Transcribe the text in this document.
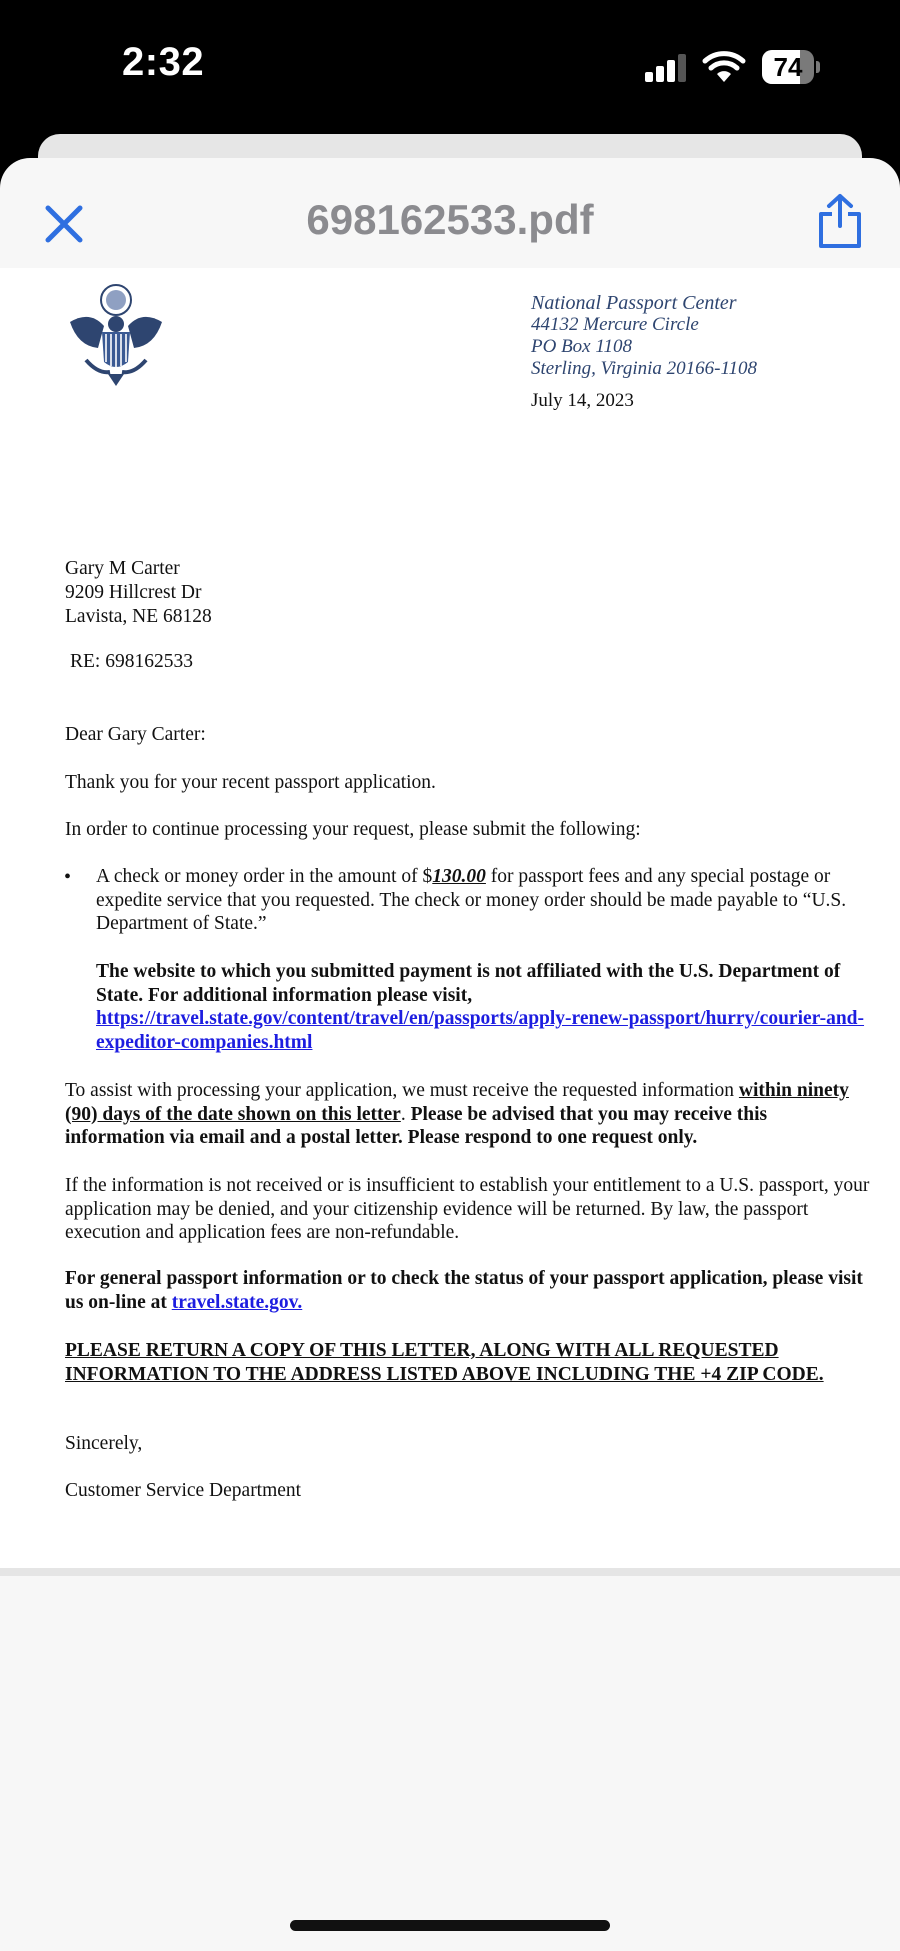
2:32	74
698162533.pdf
National Passport Center
44132 Mercure Circle
PO Box 1108
Sterling, Virginia 20166-1108
July 14, 2023
Gary M Carter
9209 Hillcrest Dr
Lavista, NE 68128
RE: 698162533
Dear Gary Carter:
Thank you for your recent passport application.
In order to continue processing your request, please submit the following:
• A check or money order in the amount of $130.00 for passport fees and any special postage or expedite service that you requested. The check or money order should be made payable to “U.S. Department of State.”
The website to which you submitted payment is not affiliated with the U.S. Department of State. For additional information please visit, https://travel.state.gov/content/travel/en/passports/apply-renew-passport/hurry/courier-and-expeditor-companies.html
To assist with processing your application, we must receive the requested information within ninety (90) days of the date shown on this letter. Please be advised that you may receive this information via email and a postal letter. Please respond to one request only.
If the information is not received or is insufficient to establish your entitlement to a U.S. passport, your application may be denied, and your citizenship evidence will be returned. By law, the passport execution and application fees are non-refundable.
For general passport information or to check the status of your passport application, please visit us on-line at travel.state.gov.
PLEASE RETURN A COPY OF THIS LETTER, ALONG WITH ALL REQUESTED INFORMATION TO THE ADDRESS LISTED ABOVE INCLUDING THE +4 ZIP CODE.
Sincerely,
Customer Service Department
